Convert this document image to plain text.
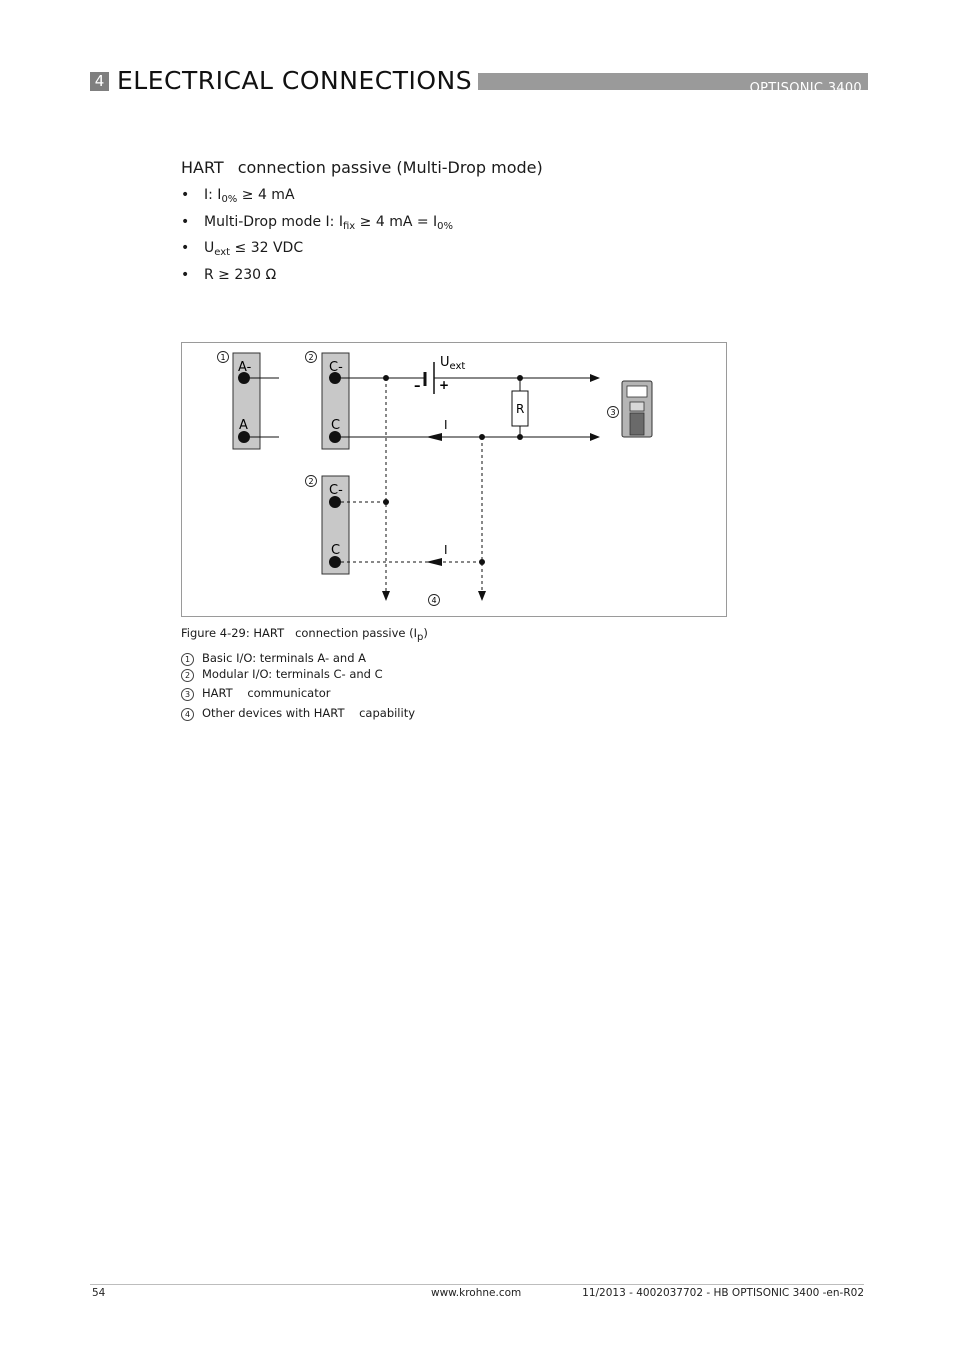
OPTISONIC 3400
4 ELECTRICAL CONNECTIONS
HART connection passive (Multi-Drop mode)
• I: $I_{0\%} \ge 4$ mA
• Multi-Drop mode I: $I_{fix} \ge 4$ mA = $I_{0\%}$
• $U_{ext} \le 32$ VDC
• R ≥ 230 Ω
A-
A
1
C-
C
2
C-
C
2
– +
$U_{ext}$
R
I
I
4
3
Figure 4-29: HART connection passive $(I_p)$
1 Basic I/O: terminals A- and A
2 Modular I/O: terminals C- and C
3 HART    communicator
4 Other devices with HART    capability
54	www.krohne.com	11/2013 - 4002037702 - HB OPTISONIC 3400 -en-R02
